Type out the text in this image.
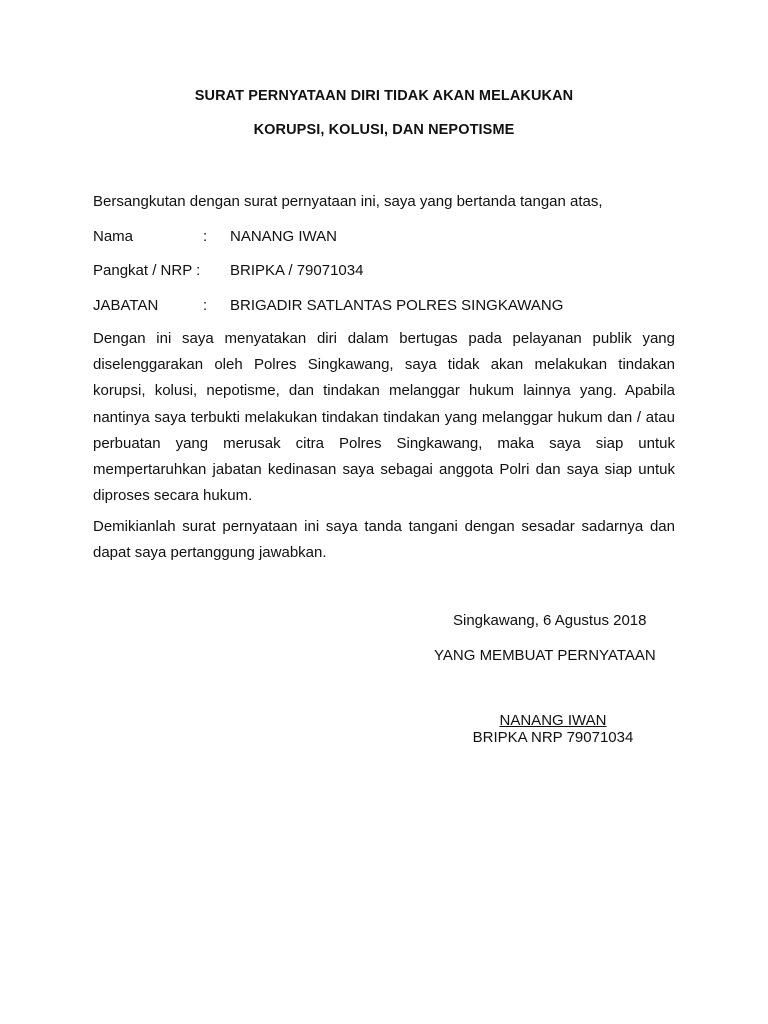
SURAT PERNYATAAN DIRI TIDAK AKAN MELAKUKAN
KORUPSI, KOLUSI, DAN NEPOTISME
Bersangkutan dengan surat pernyataan ini, saya yang bertanda tangan atas,
Nama	: NANANG IWAN
Pangkat / NRP : BRIPKA / 79071034
JABATAN	: BRIGADIR SATLANTAS POLRES SINGKAWANG
Dengan ini saya menyatakan diri dalam bertugas pada pelayanan publik yang diselenggarakan oleh Polres Singkawang, saya tidak akan melakukan tindakan korupsi, kolusi, nepotisme, dan tindakan melanggar hukum lainnya yang. Apabila nantinya saya terbukti melakukan tindakan tindakan yang melanggar hukum dan / atau perbuatan yang merusak citra Polres Singkawang, maka saya siap untuk mempertaruhkan jabatan kedinasan saya sebagai anggota Polri dan saya siap untuk diproses secara hukum.
Demikianlah surat pernyataan ini saya tanda tangani dengan sesadar sadarnya dan dapat saya pertanggung jawabkan.
Singkawang, 6 Agustus 2018
YANG MEMBUAT PERNYATAAN
NANANG IWAN
BRIPKA NRP 79071034
